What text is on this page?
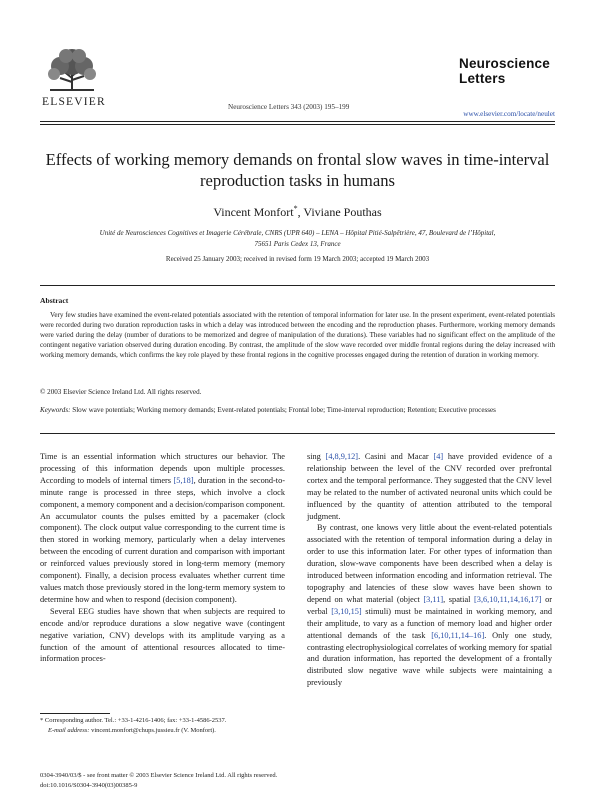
ELSEVIER	Neuroscience Letters 343 (2003) 195–199
Neuroscience
Letters
www.elsevier.com/locate/neulet
Effects of working memory demands on frontal slow waves in time-interval reproduction tasks in humans
Vincent Monfort*, Viviane Pouthas
Unité de Neurosciences Cognitives et Imagerie Cérébrale, CNRS (UPR 640) – LENA – Hôpital Pitié-Salpêtrière, 47, Boulevard de l’Hôpital,
75651 Paris Cedex 13, France
Received 25 January 2003; received in revised form 19 March 2003; accepted 19 March 2003
Abstract
Very few studies have examined the event-related potentials associated with the retention of temporal information for later use. In the present experiment, event-related potentials were recorded during two duration reproduction tasks in which a delay was introduced between the encoding and the reproduction phases. Furthermore, working memory demands were varied during the delay (number of durations to be memorized and degree of manipulation of the durations). These variables had no significant effect on the amplitude of the contingent negative variation observed during duration encoding. By contrast, the amplitude of the slow wave recorded over middle frontal regions during the delay increased with working memory demands, which confirms the key role played by these frontal regions in the cognitive processes engaged during the retention of duration in working memory.
© 2003 Elsevier Science Ireland Ltd. All rights reserved.
Keywords: Slow wave potentials; Working memory demands; Event-related potentials; Frontal lobe; Time-interval reproduction; Retention; Executive processes

Time is an essential information which structures our behavior. The processing of this information depends upon multiple processes. According to models of internal timers [5,18], duration in the second-to-minute range is processed in three steps, which involve a clock component, a memory component and a decision/comparison component. An accumulator counts the pulses emitted by a pacemaker (clock component). The clock output value corresponding to the current time is then stored in working memory, particularly when a delay intervenes between the encoding of current duration and comparison with important or reinforced values previously stored in long-term memory (memory component). Finally, a decision process evaluates whether current time values match those previously stored in the long-term memory system to determine how and when to respond (decision component).

Several EEG studies have shown that when subjects are required to encode and/or reproduce durations a slow negative wave (contingent negative variation, CNV) develops with its amplitude varying as a function of the amount of attentional resources allocated to time-information proces-

sing [4,8,9,12]. Casini and Macar [4] have provided evidence of a relationship between the level of the CNV recorded over prefrontal cortex and the temporal performance. They suggested that the CNV level may be related to the number of activated neuronal units which could be influenced by the quantity of attention attributed to the temporal judgment.

By contrast, one knows very little about the event-related potentials associated with the retention of temporal information during a delay in order to use this information later. For other types of information than duration, slow-wave components have been described when a delay is introduced between information encoding and information retrieval. The topography and latencies of these slow waves have been shown to depend on what material (object [3,11], spatial [3,6,10,11,14,16,17] or verbal [3,10,15] stimuli) must be maintained in working memory, and their amplitude, to vary as a function of memory load and higher order attentional demands of the task [6,10,11,14–16]. Only one study, contrasting electrophysiological correlates of working memory for spatial and duration information, has reported the development of a frontally distributed slow negative wave while subjects were maintaining a previously

* Corresponding author. Tel.: +33-1-4216-1406; fax: +33-1-4586-2537.
E-mail address: vincent.monfort@chups.jussieu.fr (V. Monfort).
0304-3940/03/$ - see front matter © 2003 Elsevier Science Ireland Ltd. All rights reserved.
doi:10.1016/S0304-3940(03)00385-9
